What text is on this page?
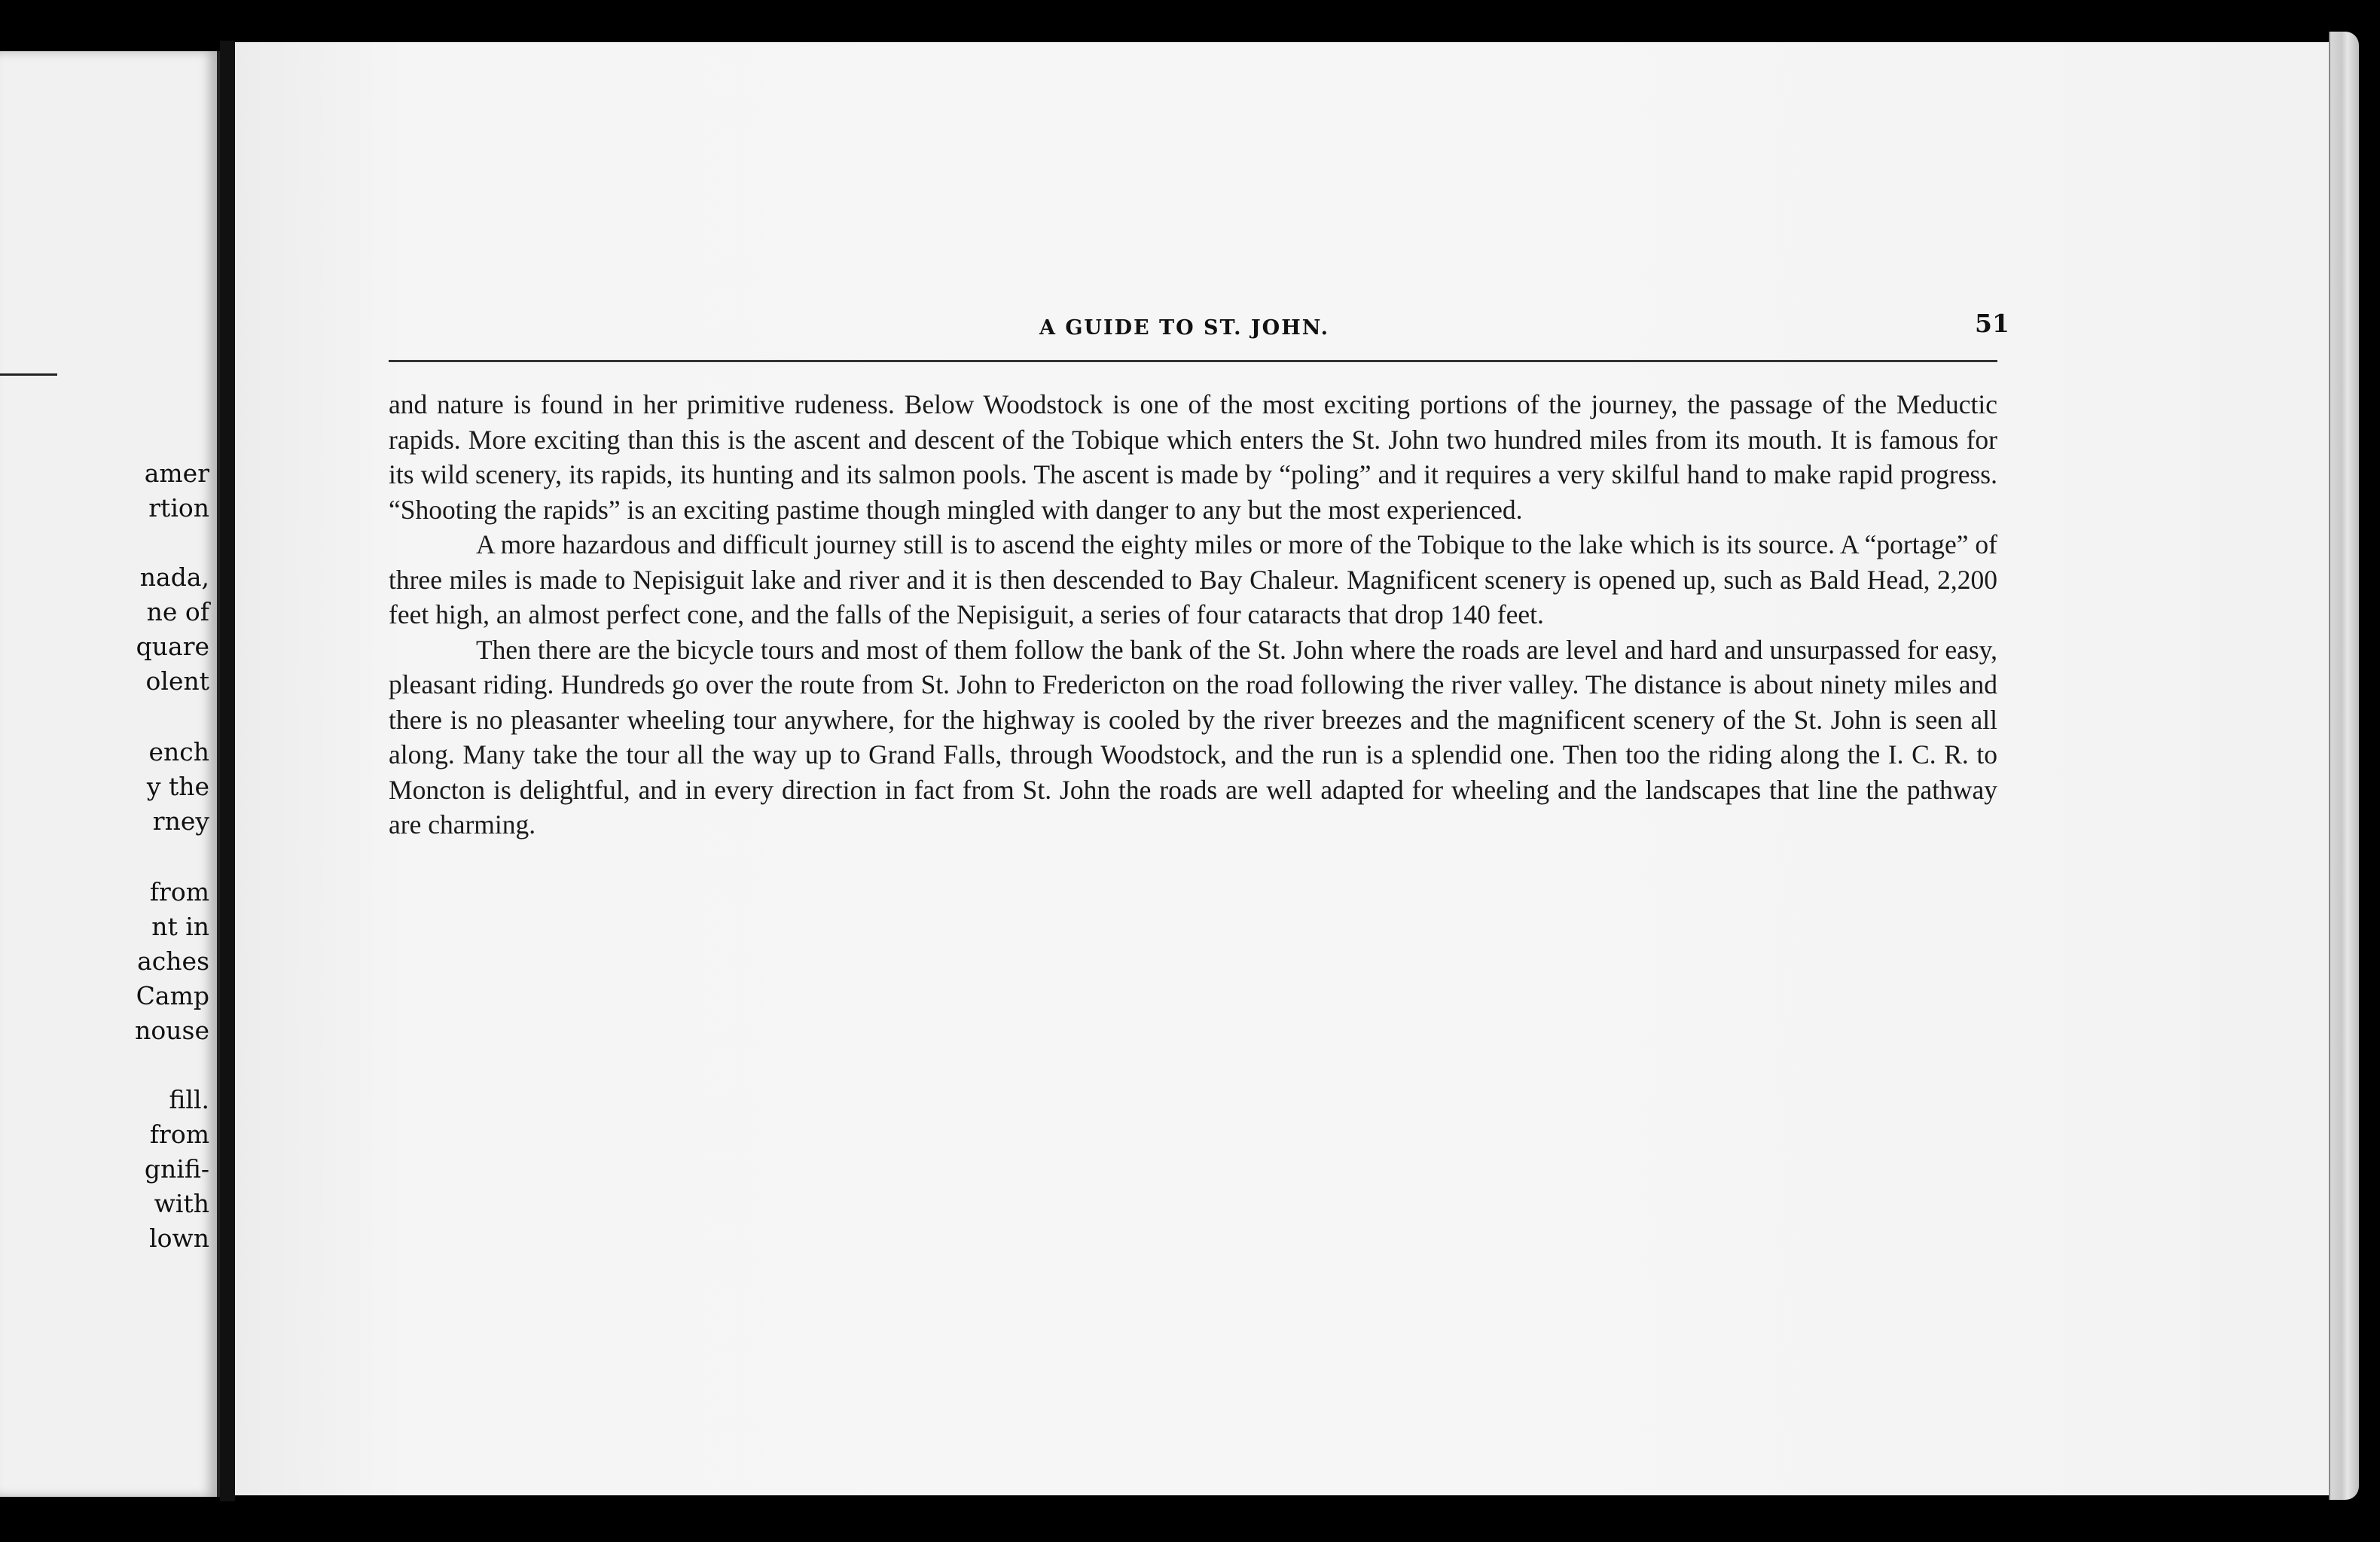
amer
rtion
nada,
ne of
quare
olent
ench
y the
rney
from
nt in
aches
Camp
nouse
fill.
from
gnifi-
with
lown
A GUIDE TO ST. JOHN.	51

and nature is found in her primitive rudeness. Below Woodstock is one of the most exciting portions of the journey, the passage of the Meductic rapids. More exciting than this is the ascent and descent of the Tobique which enters the St. John two hundred miles from its mouth. It is famous for its wild scenery, its rapids, its hunting and its salmon pools. The ascent is made by “poling” and it requires a very skilful hand to make rapid progress. “Shooting the rapids” is an exciting pastime though mingled with danger to any but the most experienced.

A more hazardous and difficult journey still is to ascend the eighty miles or more of the Tobique to the lake which is its source. A “portage” of three miles is made to Nepisiguit lake and river and it is then descended to Bay Chaleur. Magnificent scenery is opened up, such as Bald Head, 2,200 feet high, an almost perfect cone, and the falls of the Nepisiguit, a series of four cataracts that drop 140 feet.

Then there are the bicycle tours and most of them follow the bank of the St. John where the roads are level and hard and unsurpassed for easy, pleasant riding. Hundreds go over the route from St. John to Fredericton on the road following the river valley. The distance is about ninety miles and there is no pleasanter wheeling tour anywhere, for the highway is cooled by the river breezes and the magnificent scenery of the St. John is seen all along. Many take the tour all the way up to Grand Falls, through Woodstock, and the run is a splendid one. Then too the riding along the I. C. R. to Moncton is delightful, and in every direction in fact from St. John the roads are well adapted for wheeling and the landscapes that line the pathway are charming.
